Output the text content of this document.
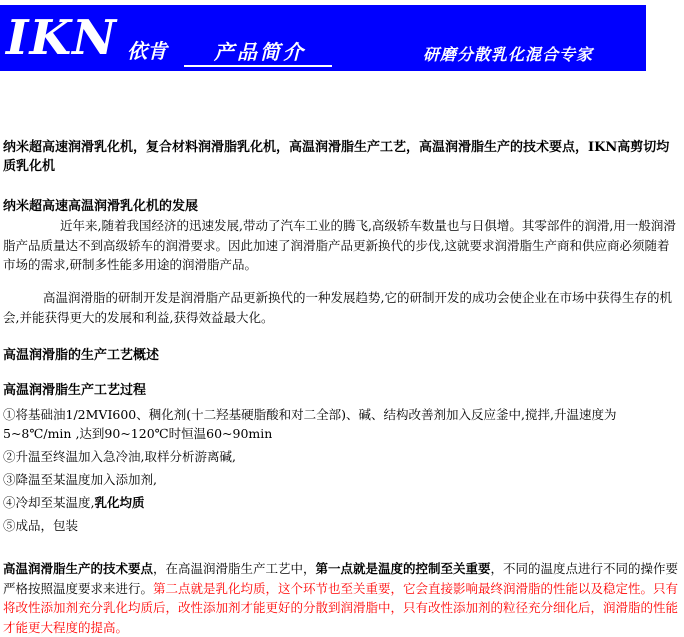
IKN 依肯 产品简介	研磨分散乳化混合专家
纳米超高速润滑乳化机，复合材料润滑脂乳化机，高温润滑脂生产工艺，高温润滑脂生产的技术要点，IKN高剪切均质乳化机
纳米超高速高温润滑乳化机的发展
近年来,随着我国经济的迅速发展,带动了汽车工业的腾飞,高级轿车数量也与日俱增。其零部件的润滑,用一般润滑脂产品质量达不到高级轿车的润滑要求。因此加速了润滑脂产品更新换代的步伐,这就要求润滑脂生产商和供应商必须随着市场的需求,研制多性能多用途的润滑脂产品。
高温润滑脂的研制开发是润滑脂产品更新换代的一种发展趋势,它的研制开发的成功会使企业在市场中获得生存的机会,并能获得更大的发展和利益,获得效益最大化。
高温润滑脂的生产工艺概述
高温润滑脂生产工艺过程
①将基础油1/2MVI600、稠化剂(十二羟基硬脂酸和对二全部)、碱、结构改善剂加入反应釜中,搅拌,升温速度为5~8℃/min ,达到90~120℃时恒温60~90min
②升温至终温加入急冷油,取样分析游离碱,
③降温至某温度加入添加剂,
④冷却至某温度,乳化均质
⑤成品，包装
高温润滑脂生产的技术要点，在高温润滑脂生产工艺中，第一点就是温度的控制至关重要，不同的温度点进行不同的操作要严格按照温度要求来进行。第二点就是乳化均质，这个环节也至关重要，它会直接影响最终润滑脂的性能以及稳定性。只有将改性添加剂充分乳化均质后，改性添加剂才能更好的分散到润滑脂中，只有改性添加剂的粒径充分细化后，润滑脂的性能才能更大程度的提高。
